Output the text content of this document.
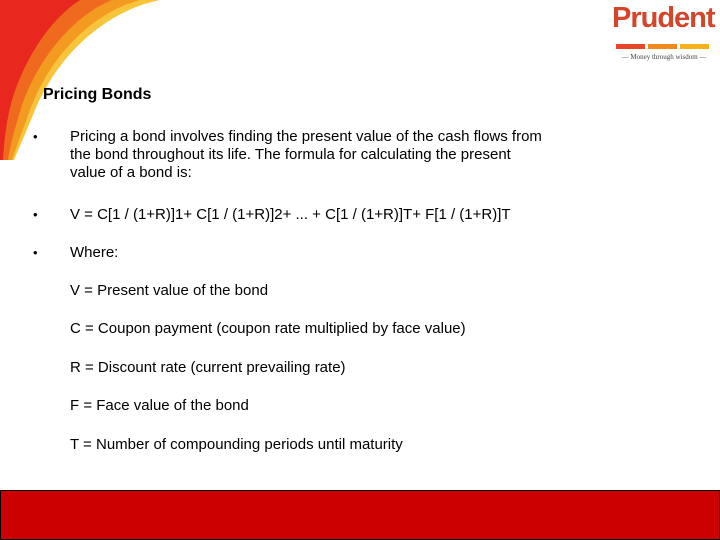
Prudent
— Money through wisdom —
Pricing Bonds
•	Pricing a bond involves finding the present value of the cash flows from the bond throughout its life. The formula for calculating the present value of a bond is:
•	V = C[1 / (1+R)]1+ C[1 / (1+R)]2+ ... + C[1 / (1+R)]T+ F[1 / (1+R)]T
•	Where:
V = Present value of the bond
C = Coupon payment (coupon rate multiplied by face value)
R = Discount rate (current prevailing rate)
F = Face value of the bond
T = Number of compounding periods until maturity
